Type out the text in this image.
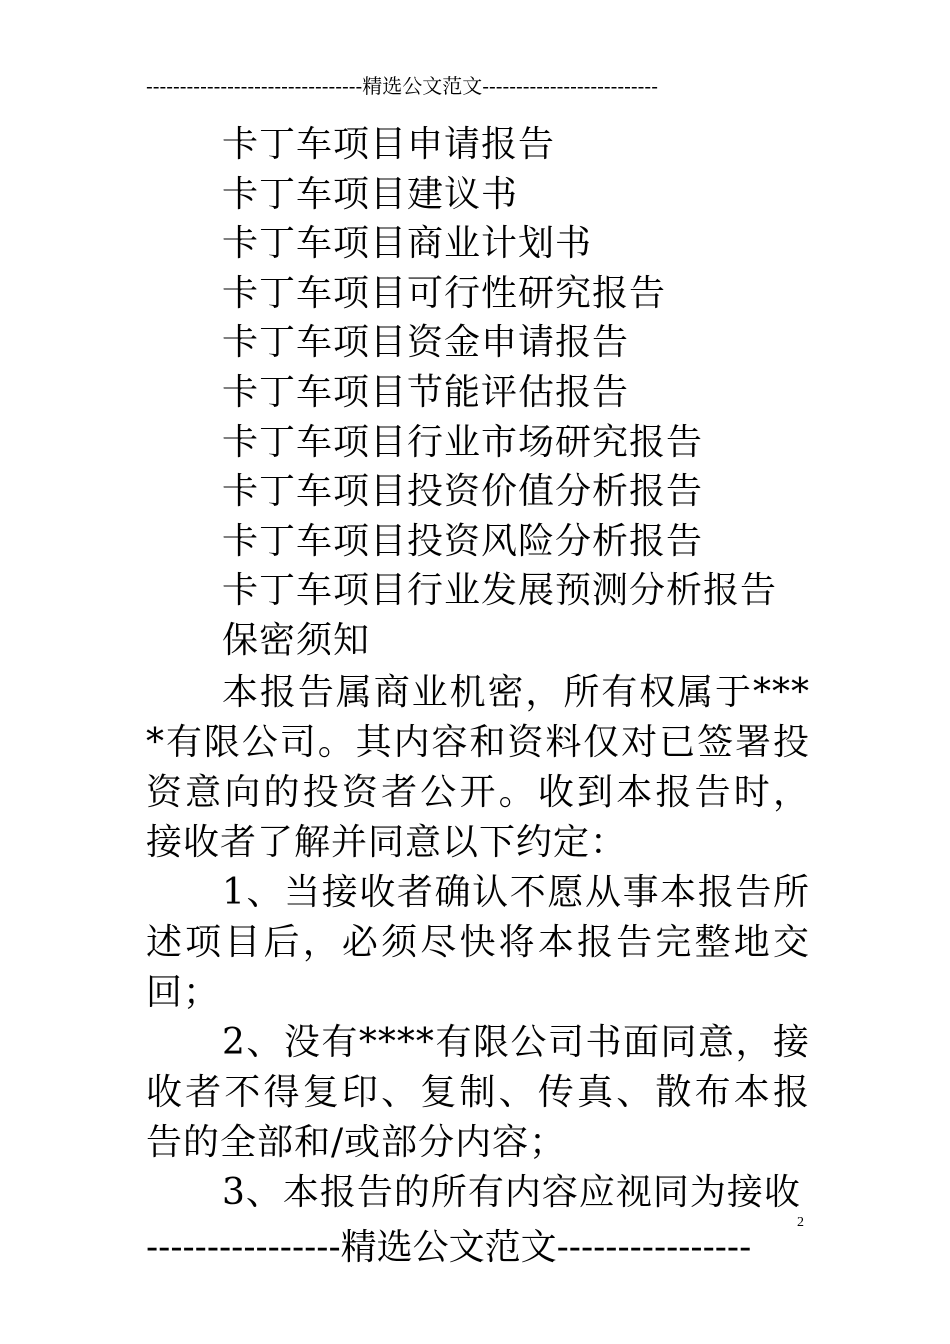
--------------------------------精选公文范文--------------------------
卡丁车项目申请报告
卡丁车项目建议书
卡丁车项目商业计划书
卡丁车项目可行性研究报告
卡丁车项目资金申请报告
卡丁车项目节能评估报告
卡丁车项目行业市场研究报告
卡丁车项目投资价值分析报告
卡丁车项目投资风险分析报告
卡丁车项目行业发展预测分析报告
保密须知

本报告属商业机密，所有权属于****有限公司。其内容和资料仅对已签署投资意向的投资者公开。收到本报告时，接收者了解并同意以下约定：

1、当接收者确认不愿从事本报告所述项目后，必须尽快将本报告完整地交回；

2、没有****有限公司书面同意，接收者不得复印、复制、传真、散布本报告的全部和/或部分内容；

3、本报告的所有内容应视同为接收

2
----------------精选公文范文----------------
